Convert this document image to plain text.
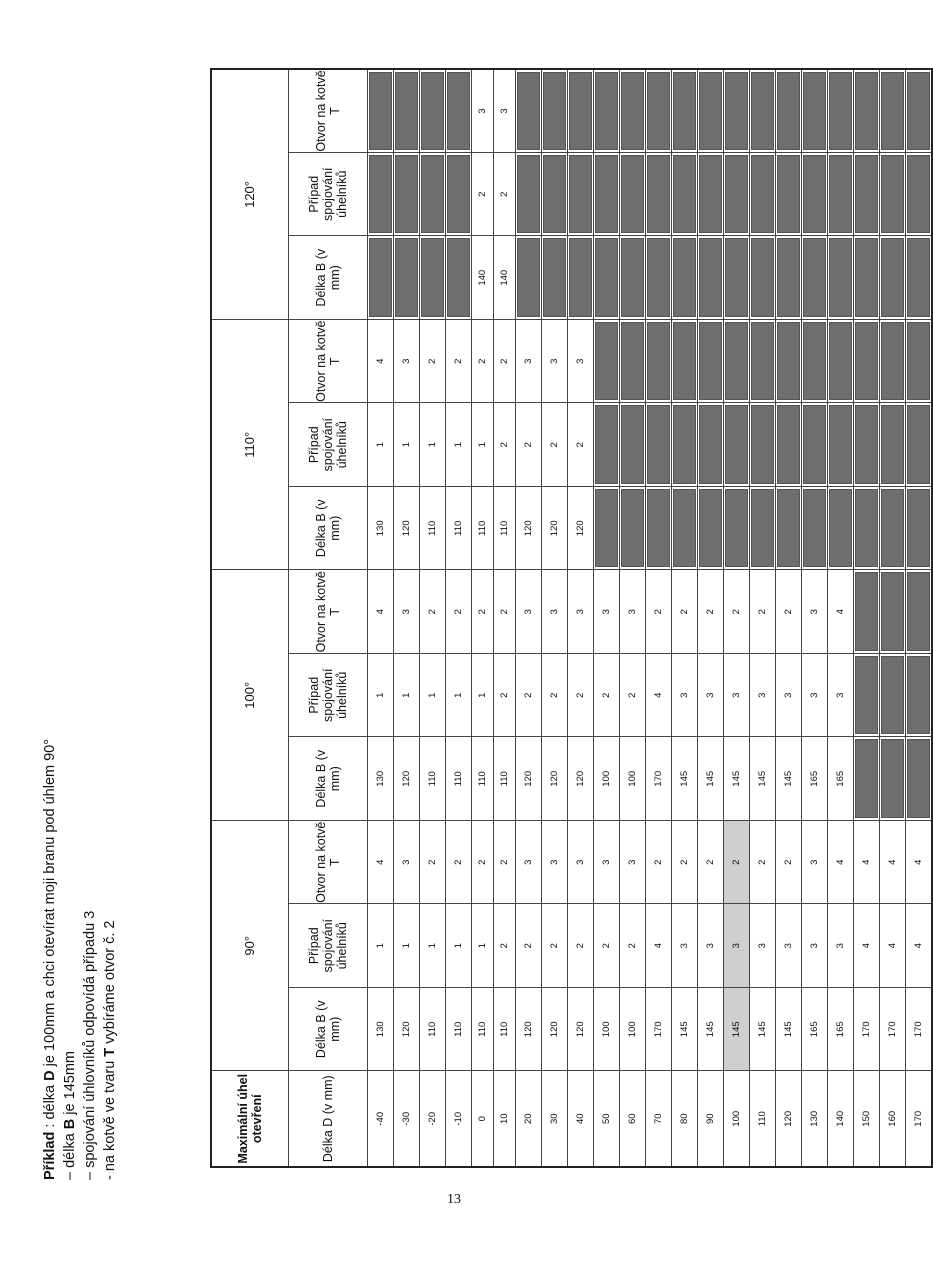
Příklad : délka D je 100mm a chci otevírat moji branu pod úhlem 90°
– délka B je 145mm – spojování úhlovníků odpovídá případu 3 - na kotvě ve tvaru T vybíráme otvor č. 2
Maximální úhel otevření	90°			100°			110°			120°		
Délka D (v mm)	Délka B (v mm)	Případ spojování úhelníků	Otvor na kotvě T	Délka B (v mm)	Případ spojování úhelníků	Otvor na kotvě T	Délka B (v mm)	Případ spojování úhelníků	Otvor na kotvě T	Délka B (v mm)	Případ spojování úhelníků	Otvor na kotvě T
-40	130	1	4	130	1	4	130	1	4	

-30	120	1	3	120	1	3	120	1	3	

-20	110	1	2	110	1	2	110	1	2	

-10	110	1	2	110	1	2	110	1	2	

0	110	1	2	110	1	2	110	1	2	140	2	3
10	110	2	2	110	2	2	110	2	2	140	2	3
20	120	2	3	120	2	3	120	2	3	

30	120	2	3	120	2	3	120	2	3	

40	120	2	3	120	2	3	120	2	3	

50	100	2	3	100	2	3	

60	100	2	3	100	2	3	

70	170	4	2	170	4	2	

80	145	3	2	145	3	2	

90	145	3	2	145	3	2	

100	145	3	2	145	3	2	

110	145	3	2	145	3	2	

120	145	3	2	145	3	2	

130	165	3	3	165	3	3	

140	165	3	4	165	3	4	

150	170	4	4	

160	170	4	4	

170	170	4	4	

13
